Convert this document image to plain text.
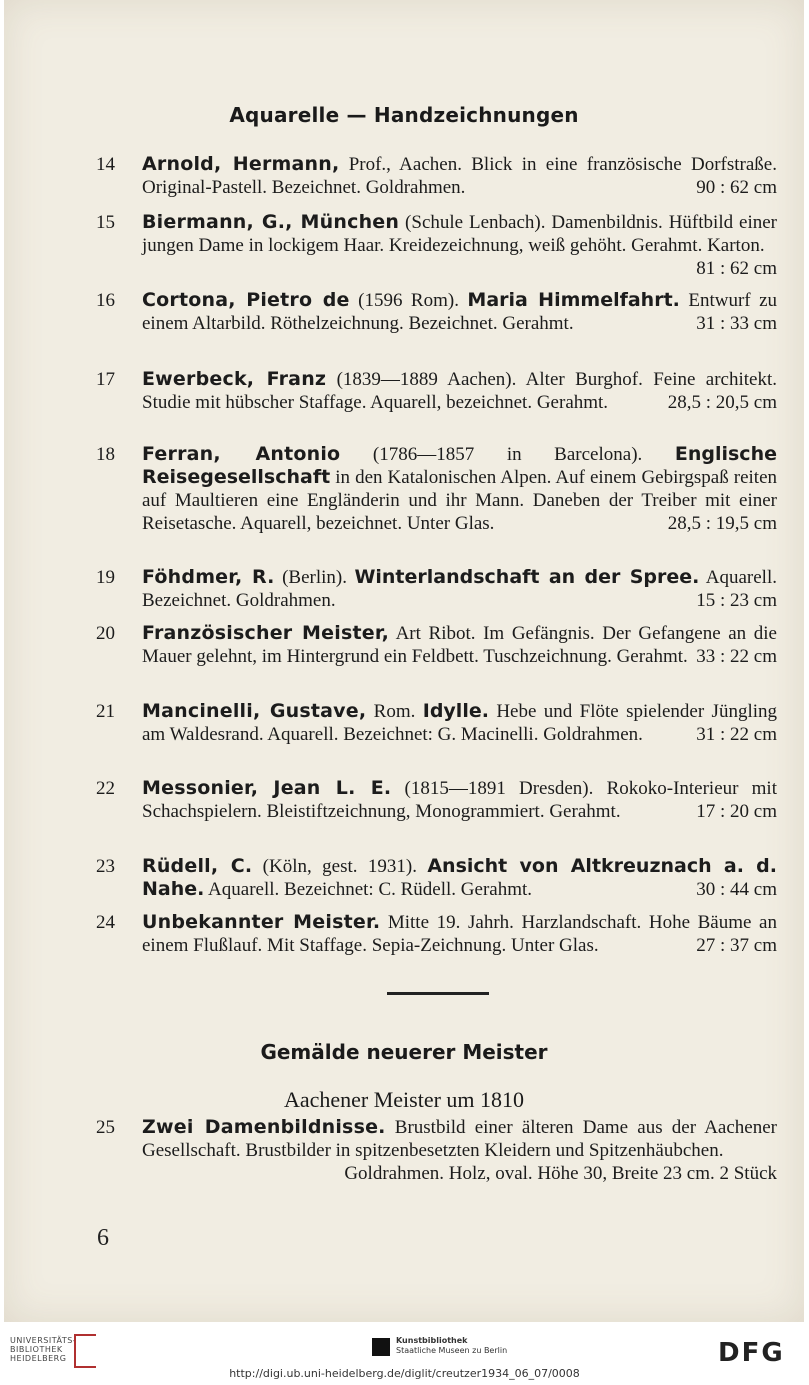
Aquarelle — Handzeichnungen
14	Arnold, Hermann, Prof., Aachen. Blick in eine französische Dorfstraße. Original-Pastell. Bezeichnet. Goldrahmen.	90 : 62 cm
15	Biermann, G., München (Schule Lenbach). Damenbildnis. Hüftbild einer jungen Dame in lockigem Haar. Kreidezeichnung, weiß gehöht. Gerahmt. Karton.
81 : 62 cm
16	Cortona, Pietro de (1596 Rom). Maria Himmelfahrt. Entwurf zu einem Altarbild. Röthelzeichnung. Bezeichnet. Gerahmt.	31 : 33 cm
17	Ewerbeck, Franz (1839—1889 Aachen). Alter Burghof. Feine architekt. Studie mit hübscher Staffage. Aquarell, bezeichnet. Gerahmt.	28,5 : 20,5 cm
18	Ferran, Antonio (1786—1857 in Barcelona). Englische Reisegesellschaft in den Katalonischen Alpen. Auf einem Gebirgspaß reiten auf Maultieren eine Engländerin und ihr Mann. Daneben der Treiber mit einer Reisetasche. Aquarell, bezeichnet. Unter Glas.	28,5 : 19,5 cm
19	Föhdmer, R. (Berlin). Winterlandschaft an der Spree. Aquarell. Bezeichnet. Goldrahmen.	15 : 23 cm
20	Französischer Meister, Art Ribot. Im Gefängnis. Der Gefangene an die Mauer gelehnt, im Hintergrund ein Feldbett. Tuschzeichnung. Gerahmt. 33 : 22 cm
21	Mancinelli, Gustave, Rom. Idylle. Hebe und Flöte spielender Jüngling am Waldesrand. Aquarell. Bezeichnet: G. Macinelli. Goldrahmen.	31 : 22 cm
22	Messonier, Jean L. E. (1815—1891 Dresden). Rokoko-Interieur mit Schachspielern. Bleistiftzeichnung, Monogrammiert. Gerahmt.	17 : 20 cm
23	Rüdell, C. (Köln, gest. 1931). Ansicht von Altkreuznach a. d. Nahe. Aquarell. Bezeichnet: C. Rüdell. Gerahmt.	30 : 44 cm
24	Unbekannter Meister. Mitte 19. Jahrh. Harzlandschaft. Hohe Bäume an einem Flußlauf. Mit Staffage. Sepia-Zeichnung. Unter Glas.	27 : 37 cm
Gemälde neuerer Meister
Aachener Meister um 1810
25	Zwei Damenbildnisse. Brustbild einer älteren Dame aus der Aachener Gesellschaft. Brustbilder in spitzenbesetzten Kleidern und Spitzenhäubchen.
Goldrahmen. Holz, oval. Höhe 30, Breite 23 cm. 2 Stück
6
UNIVERSITÄTS-
BIBLIOTHEK
HEIDELBERG
Kunstbibliothek
Staatliche Museen zu Berlin	DFG
http://digi.ub.uni-heidelberg.de/diglit/creutzer1934_06_07/0008
